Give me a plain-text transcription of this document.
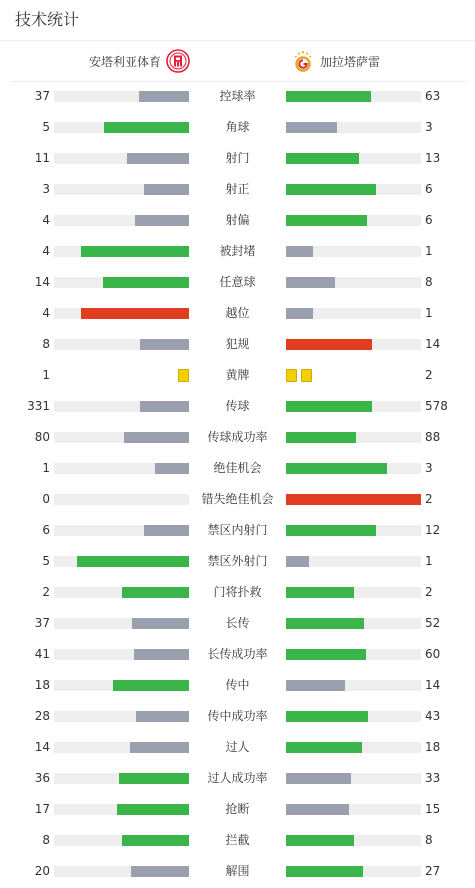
技术统计
安塔利亚体育	加拉塔萨雷
37	控球率	63
5	角球	3
11	射门	13
3	射正	6
4	射偏	6
4	被封堵	1
14	任意球	8
4	越位	1
8	犯规	14
1	黄牌	2
331	传球	578
80	传球成功率	88
1	绝佳机会	3
0	错失绝佳机会	2
6	禁区内射门	12
5	禁区外射门	1
2	门将扑救	2
37	长传	52
41	长传成功率	60
18	传中	14
28	传中成功率	43
14	过人	18
36	过人成功率	33
17	抢断	15
8	拦截	8
20	解围	27
